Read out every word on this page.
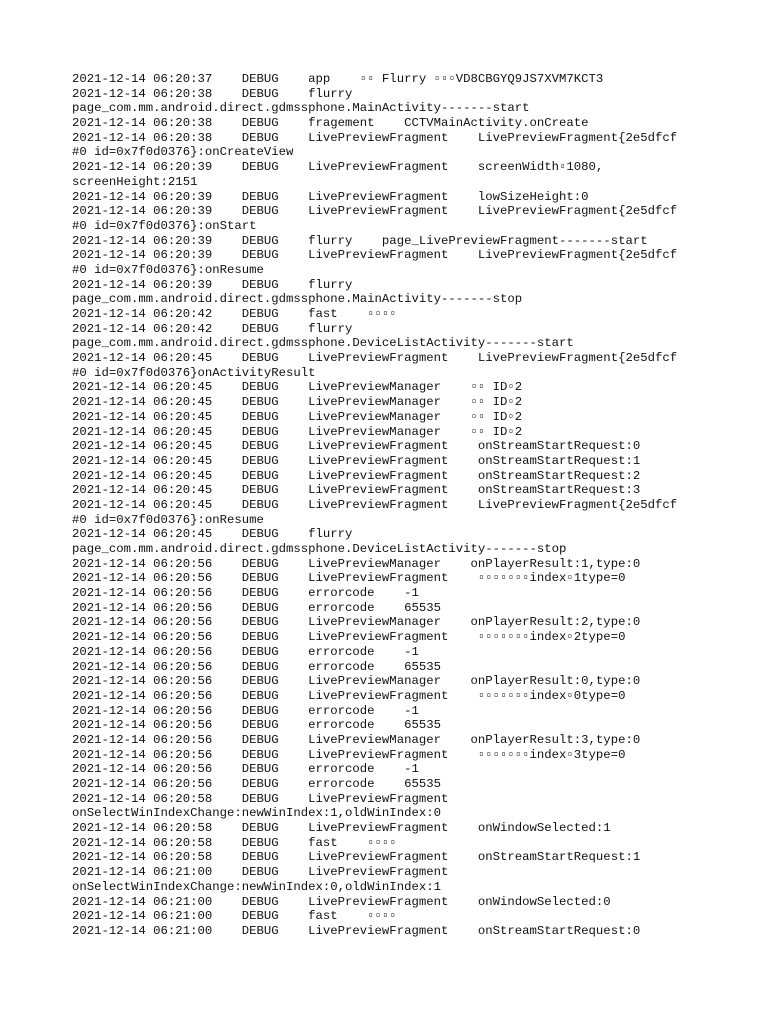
2021-12-14 06:20:37    DEBUG    app    ▫▫ Flurry ▫▫▫VD8CBGYQ9JS7XVM7KCT3
2021-12-14 06:20:38    DEBUG    flurry
page_com.mm.android.direct.gdmssphone.MainActivity-------start
2021-12-14 06:20:38    DEBUG    fragement    CCTVMainActivity.onCreate
2021-12-14 06:20:38    DEBUG    LivePreviewFragment    LivePreviewFragment{2e5dfcf
#0 id=0x7f0d0376}:onCreateView
2021-12-14 06:20:39    DEBUG    LivePreviewFragment    screenWidth▫1080,
screenHeight:2151
2021-12-14 06:20:39    DEBUG    LivePreviewFragment    lowSizeHeight:0
2021-12-14 06:20:39    DEBUG    LivePreviewFragment    LivePreviewFragment{2e5dfcf
#0 id=0x7f0d0376}:onStart
2021-12-14 06:20:39    DEBUG    flurry    page_LivePreviewFragment-------start
2021-12-14 06:20:39    DEBUG    LivePreviewFragment    LivePreviewFragment{2e5dfcf
#0 id=0x7f0d0376}:onResume
2021-12-14 06:20:39    DEBUG    flurry
page_com.mm.android.direct.gdmssphone.MainActivity-------stop
2021-12-14 06:20:42    DEBUG    fast    ▫▫▫▫
2021-12-14 06:20:42    DEBUG    flurry
page_com.mm.android.direct.gdmssphone.DeviceListActivity-------start
2021-12-14 06:20:45    DEBUG    LivePreviewFragment    LivePreviewFragment{2e5dfcf
#0 id=0x7f0d0376}onActivityResult
2021-12-14 06:20:45    DEBUG    LivePreviewManager    ▫▫ ID▫2
2021-12-14 06:20:45    DEBUG    LivePreviewManager    ▫▫ ID▫2
2021-12-14 06:20:45    DEBUG    LivePreviewManager    ▫▫ ID▫2
2021-12-14 06:20:45    DEBUG    LivePreviewManager    ▫▫ ID▫2
2021-12-14 06:20:45    DEBUG    LivePreviewFragment    onStreamStartRequest:0
2021-12-14 06:20:45    DEBUG    LivePreviewFragment    onStreamStartRequest:1
2021-12-14 06:20:45    DEBUG    LivePreviewFragment    onStreamStartRequest:2
2021-12-14 06:20:45    DEBUG    LivePreviewFragment    onStreamStartRequest:3
2021-12-14 06:20:45    DEBUG    LivePreviewFragment    LivePreviewFragment{2e5dfcf
#0 id=0x7f0d0376}:onResume
2021-12-14 06:20:45    DEBUG    flurry
page_com.mm.android.direct.gdmssphone.DeviceListActivity-------stop
2021-12-14 06:20:56    DEBUG    LivePreviewManager    onPlayerResult:1,type:0
2021-12-14 06:20:56    DEBUG    LivePreviewFragment    ▫▫▫▫▫▫▫index▫1type=0
2021-12-14 06:20:56    DEBUG    errorcode    -1
2021-12-14 06:20:56    DEBUG    errorcode    65535
2021-12-14 06:20:56    DEBUG    LivePreviewManager    onPlayerResult:2,type:0
2021-12-14 06:20:56    DEBUG    LivePreviewFragment    ▫▫▫▫▫▫▫index▫2type=0
2021-12-14 06:20:56    DEBUG    errorcode    -1
2021-12-14 06:20:56    DEBUG    errorcode    65535
2021-12-14 06:20:56    DEBUG    LivePreviewManager    onPlayerResult:0,type:0
2021-12-14 06:20:56    DEBUG    LivePreviewFragment    ▫▫▫▫▫▫▫index▫0type=0
2021-12-14 06:20:56    DEBUG    errorcode    -1
2021-12-14 06:20:56    DEBUG    errorcode    65535
2021-12-14 06:20:56    DEBUG    LivePreviewManager    onPlayerResult:3,type:0
2021-12-14 06:20:56    DEBUG    LivePreviewFragment    ▫▫▫▫▫▫▫index▫3type=0
2021-12-14 06:20:56    DEBUG    errorcode    -1
2021-12-14 06:20:56    DEBUG    errorcode    65535
2021-12-14 06:20:58    DEBUG    LivePreviewFragment
onSelectWinIndexChange:newWinIndex:1,oldWinIndex:0
2021-12-14 06:20:58    DEBUG    LivePreviewFragment    onWindowSelected:1
2021-12-14 06:20:58    DEBUG    fast    ▫▫▫▫
2021-12-14 06:20:58    DEBUG    LivePreviewFragment    onStreamStartRequest:1
2021-12-14 06:21:00    DEBUG    LivePreviewFragment
onSelectWinIndexChange:newWinIndex:0,oldWinIndex:1
2021-12-14 06:21:00    DEBUG    LivePreviewFragment    onWindowSelected:0
2021-12-14 06:21:00    DEBUG    fast    ▫▫▫▫
2021-12-14 06:21:00    DEBUG    LivePreviewFragment    onStreamStartRequest:0
